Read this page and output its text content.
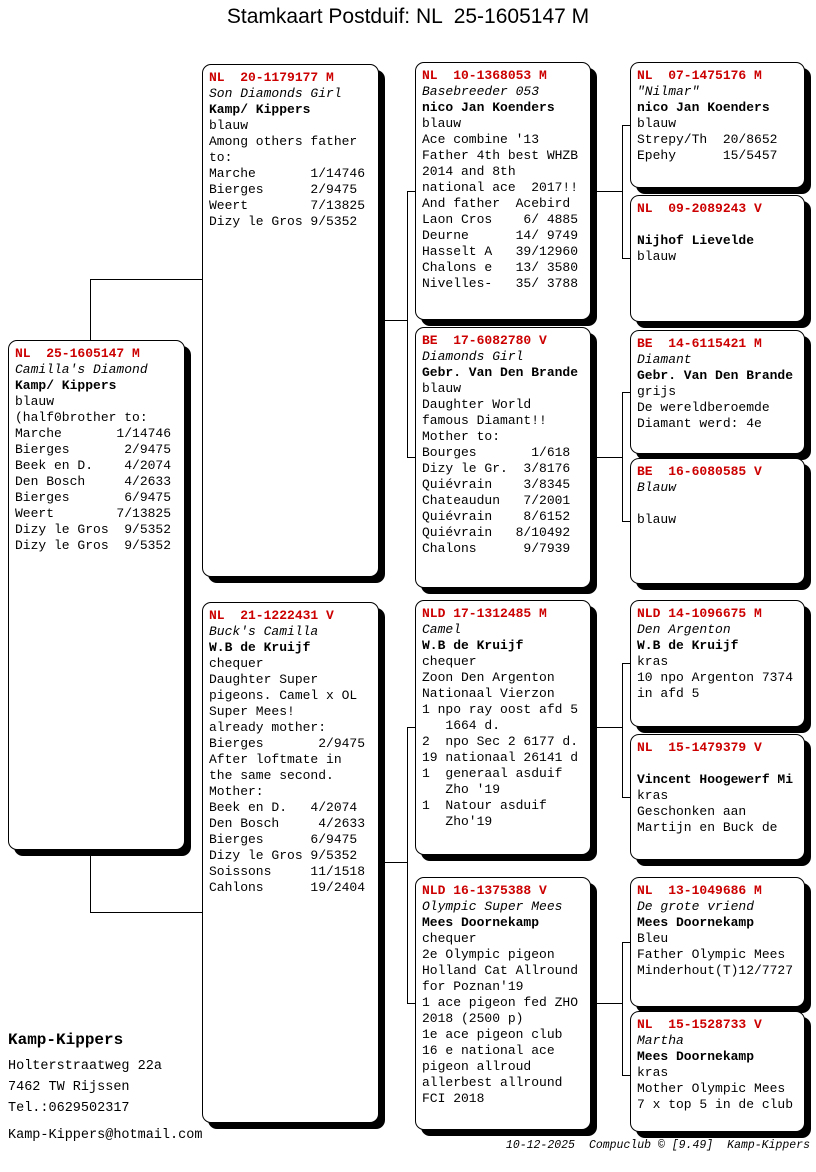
Stamkaart Postduif: NL  25-1605147 M
NL  25-1605147 M
Camilla's Diamond
Kamp/ Kippers
blauw
(half0brother to:
Marche       1/14746
Bierges       2/9475
Beek en D.    4/2074
Den Bosch     4/2633
Bierges       6/9475
Weert        7/13825
Dizy le Gros  9/5352
Dizy le Gros  9/5352
NL  20-1179177 M
Son Diamonds Girl
Kamp/ Kippers
blauw
Among others father
to:
Marche       1/14746
Bierges      2/9475
Weert        7/13825
Dizy le Gros 9/5352
NL  21-1222431 V
Buck's Camilla
W.B de Kruijf
chequer
Daughter Super
pigeons. Camel x OL
Super Mees!
already mother:
Bierges       2/9475
After loftmate in
the same second.
Mother:
Beek en D.   4/2074
Den Bosch     4/2633
Bierges      6/9475
Dizy le Gros 9/5352
Soissons     11/1518
Cahlons      19/2404
NL  10-1368053 M
Basebreeder 053
nico Jan Koenders
blauw
Ace combine '13
Father 4th best WHZB
2014 and 8th
national ace  2017!!
And father  Acebird
Laon Cros    6/ 4885
Deurne      14/ 9749
Hasselt A   39/12960
Chalons e   13/ 3580
Nivelles-   35/ 3788
BE  17-6082780 V
Diamonds Girl
Gebr. Van Den Brande
blauw
Daughter World
famous Diamant!!
Mother to:
Bourges       1/618
Dizy le Gr.  3/8176
Quiévrain    3/8345
Chateaudun   7/2001
Quiévrain    8/6152
Quiévrain   8/10492
Chalons      9/7939
NLD 17-1312485 M
Camel
W.B de Kruijf
chequer
Zoon Den Argenton
Nationaal Vierzon
1 npo ray oost afd 5
1664 d.
2  npo Sec 2 6177 d.
19 nationaal 26141 d
1  generaal asduif
Zho '19
1  Natour asduif
Zho'19
NLD 16-1375388 V
Olympic Super Mees
Mees Doornekamp
chequer
2e Olympic pigeon
Holland Cat Allround
for Poznan'19
1 ace pigeon fed ZHO
2018 (2500 p)
1e ace pigeon club
16 e national ace
pigeon allroud
allerbest allround
FCI 2018
NL  07-1475176 M
"Nilmar"
nico Jan Koenders
blauw
Strepy/Th  20/8652
Epehy      15/5457
NL  09-2089243 V

Nijhof Lievelde
blauw
BE  14-6115421 M
Diamant
Gebr. Van Den Brande
grijs
De wereldberoemde
Diamant werd: 4e
BE  16-6080585 V
Blauw

blauw
NLD 14-1096675 M
Den Argenton
W.B de Kruijf
kras
10 npo Argenton 7374
in afd 5
NL  15-1479379 V

Vincent Hoogewerf Mi
kras
Geschonken aan
Martijn en Buck de
NL  13-1049686 M
De grote vriend
Mees Doornekamp
Bleu
Father Olympic Mees
Minderhout(T)12/7727
NL  15-1528733 V
Martha
Mees Doornekamp
kras
Mother Olympic Mees
7 x top 5 in de club
Kamp-Kippers
Holterstraatweg 22a
7462 TW Rijssen
Tel.:0629502317
Kamp-Kippers@hotmail.com
10-12-2025 Compuclub © [9.49] Kamp-Kippers
